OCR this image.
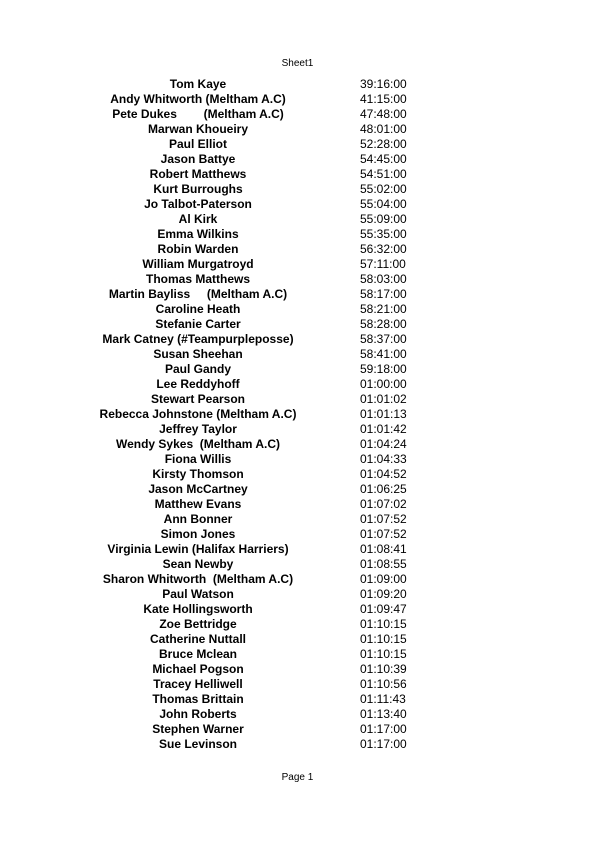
Sheet1
Tom Kaye	39:16:00
Andy Whitworth (Meltham A.C)	41:15:00
Pete Dukes        (Meltham A.C)	47:48:00
Marwan Khoueiry	48:01:00
Paul Elliot	52:28:00
Jason Battye	54:45:00
Robert Matthews	54:51:00
Kurt Burroughs	55:02:00
Jo Talbot-Paterson	55:04:00
Al Kirk	55:09:00
Emma Wilkins	55:35:00
Robin Warden	56:32:00
William Murgatroyd	57:11:00
Thomas Matthews	58:03:00
Martin Bayliss     (Meltham A.C)	58:17:00
Caroline Heath	58:21:00
Stefanie Carter	58:28:00
Mark Catney (#Teampurpleposse)	58:37:00
Susan Sheehan	58:41:00
Paul Gandy	59:18:00
Lee Reddyhoff	01:00:00
Stewart Pearson	01:01:02
Rebecca Johnstone (Meltham A.C)	01:01:13
Jeffrey Taylor	01:01:42
Wendy Sykes  (Meltham A.C)	01:04:24
Fiona Willis	01:04:33
Kirsty Thomson	01:04:52
Jason McCartney	01:06:25
Matthew Evans	01:07:02
Ann Bonner	01:07:52
Simon Jones	01:07:52
Virginia Lewin (Halifax Harriers)	01:08:41
Sean Newby	01:08:55
Sharon Whitworth  (Meltham A.C)	01:09:00
Paul Watson	01:09:20
Kate Hollingsworth	01:09:47
Zoe Bettridge	01:10:15
Catherine Nuttall	01:10:15
Bruce Mclean	01:10:15
Michael Pogson	01:10:39
Tracey Helliwell	01:10:56
Thomas Brittain	01:11:43
John Roberts	01:13:40
Stephen Warner	01:17:00
Sue Levinson	01:17:00
Page 1
